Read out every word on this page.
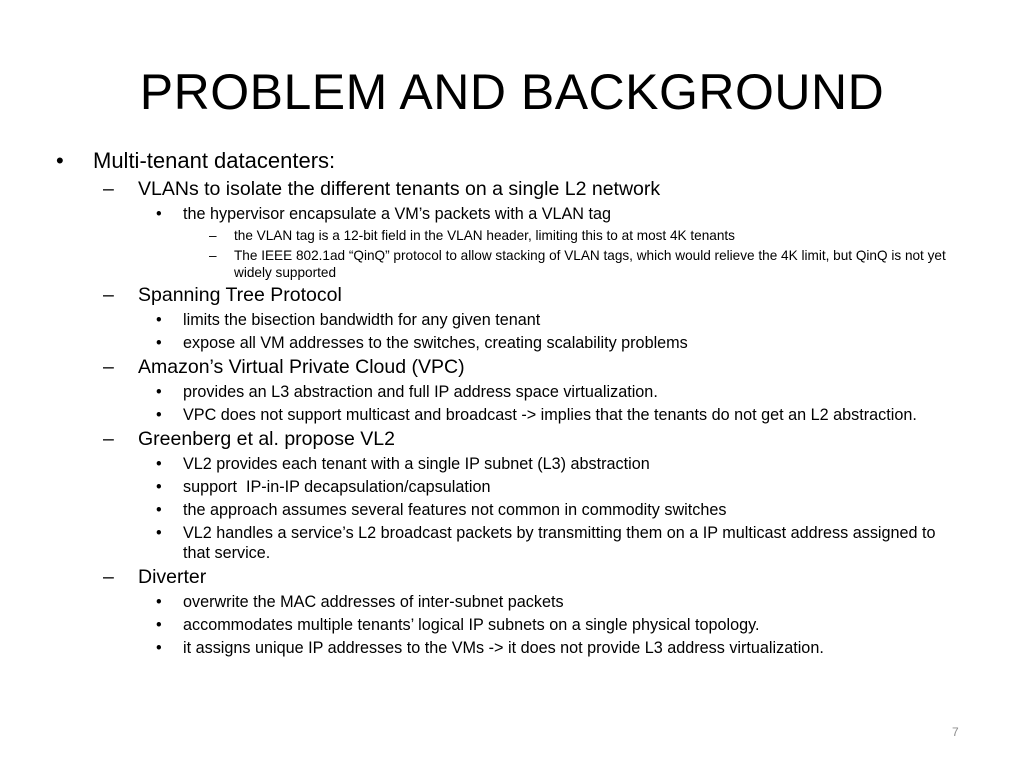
PROBLEM AND BACKGROUND
• Multi-tenant datacenters:
– VLANs to isolate the different tenants on a single L2 network
• the hypervisor encapsulate a VM’s packets with a VLAN tag
– the VLAN tag is a 12-bit field in the VLAN header, limiting this to at most 4K tenants
– The IEEE 802.1ad “QinQ” protocol to allow stacking of VLAN tags, which would relieve the 4K limit, but QinQ is not yet widely supported
– Spanning Tree Protocol
• limits the bisection bandwidth for any given tenant
• expose all VM addresses to the switches, creating scalability problems
– Amazon’s Virtual Private Cloud (VPC)
• provides an L3 abstraction and full IP address space virtualization.
• VPC does not support multicast and broadcast -> implies that the tenants do not get an L2 abstraction.
– Greenberg et al. propose VL2
• VL2 provides each tenant with a single IP subnet (L3) abstraction
• support  IP-in-IP decapsulation/capsulation
• the approach assumes several features not common in commodity switches
• VL2 handles a service’s L2 broadcast packets by transmitting them on a IP multicast address assigned to that service.
– Diverter
• overwrite the MAC addresses of inter-subnet packets
• accommodates multiple tenants’ logical IP subnets on a single physical topology.
• it assigns unique IP addresses to the VMs -> it does not provide L3 address virtualization.
7
